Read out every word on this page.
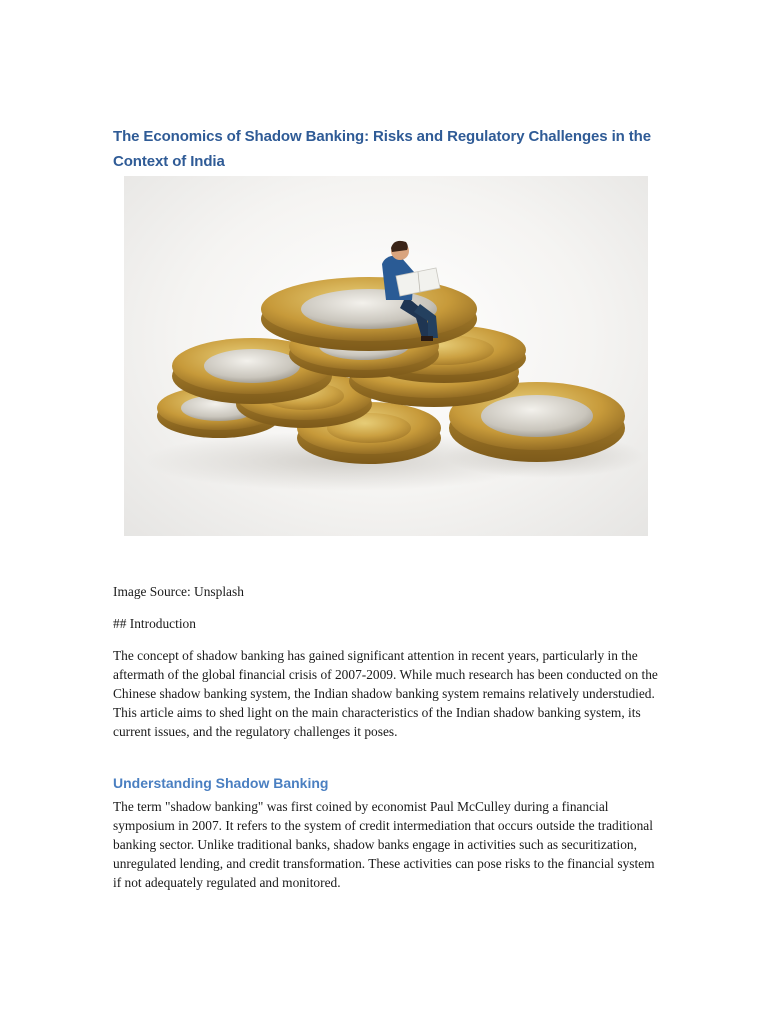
The Economics of Shadow Banking: Risks and Regulatory Challenges in the Context of India

Image Source: Unsplash

## Introduction

The concept of shadow banking has gained significant attention in recent years, particularly in the aftermath of the global financial crisis of 2007-2009. While much research has been conducted on the Chinese shadow banking system, the Indian shadow banking system remains relatively understudied. This article aims to shed light on the main characteristics of the Indian shadow banking system, its current issues, and the regulatory challenges it poses.

Understanding Shadow Banking

The term "shadow banking" was first coined by economist Paul McCulley during a financial symposium in 2007. It refers to the system of credit intermediation that occurs outside the traditional banking sector. Unlike traditional banks, shadow banks engage in activities such as securitization, unregulated lending, and credit transformation. These activities can pose risks to the financial system if not adequately regulated and monitored.
